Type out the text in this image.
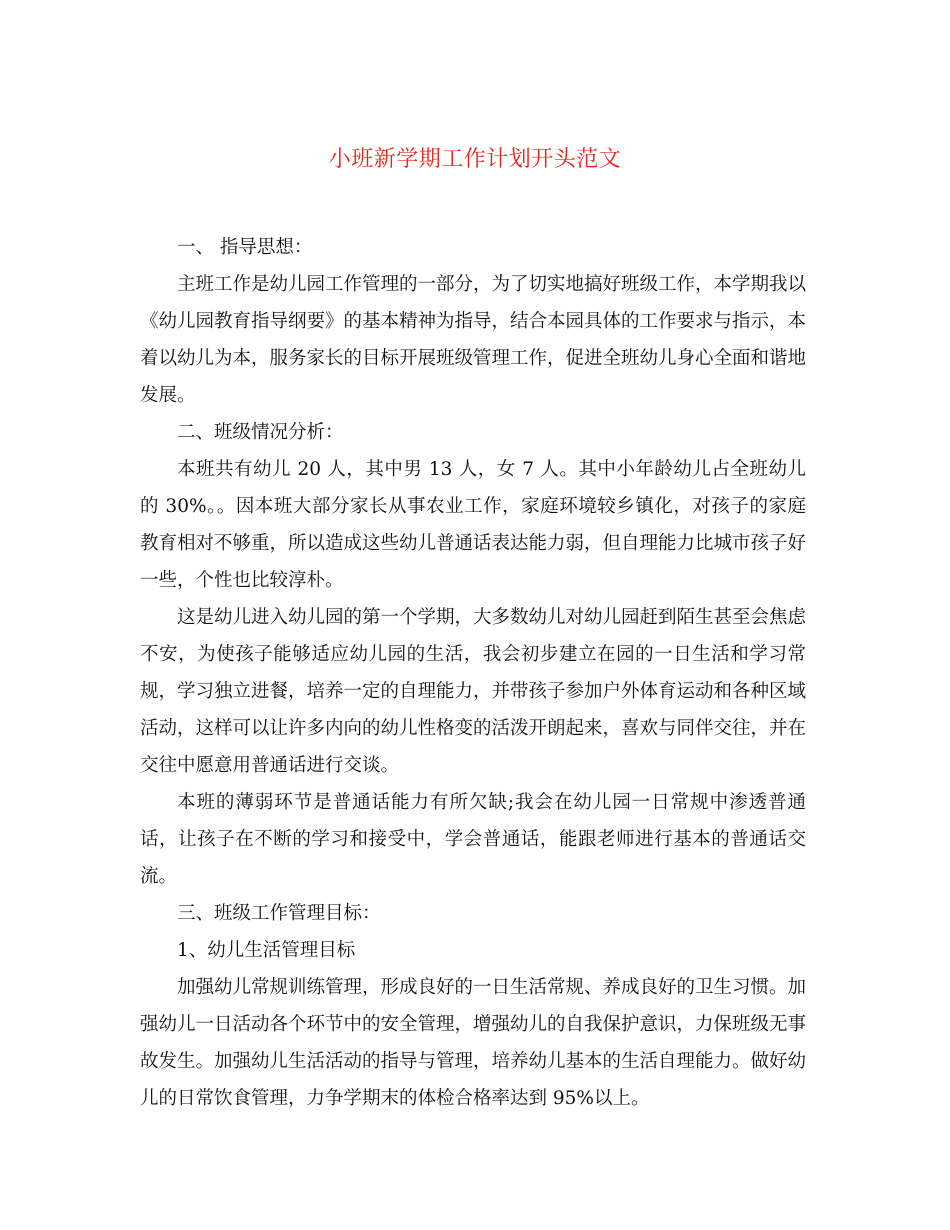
小班新学期工作计划开头范文

一、 指导思想：

主班工作是幼儿园工作管理的一部分，为了切实地搞好班级工作，本学期我以《幼儿园教育指导纲要》的基本精神为指导，结合本园具体的工作要求与指示，本着以幼儿为本，服务家长的目标开展班级管理工作，促进全班幼儿身心全面和谐地发展。

二、班级情况分析：

本班共有幼儿 20 人，其中男 13 人，女 7 人。其中小年龄幼儿占全班幼儿的 30%。。因本班大部分家长从事农业工作，家庭环境较乡镇化，对孩子的家庭教育相对不够重，所以造成这些幼儿普通话表达能力弱，但自理能力比城市孩子好一些，个性也比较淳朴。

这是幼儿进入幼儿园的第一个学期，大多数幼儿对幼儿园赶到陌生甚至会焦虑不安，为使孩子能够适应幼儿园的生活，我会初步建立在园的一日生活和学习常规，学习独立进餐，培养一定的自理能力，并带孩子参加户外体育运动和各种区域活动，这样可以让许多内向的幼儿性格变的活泼开朗起来，喜欢与同伴交往，并在交往中愿意用普通话进行交谈。

本班的薄弱环节是普通话能力有所欠缺;我会在幼儿园一日常规中渗透普通话，让孩子在不断的学习和接受中，学会普通话，能跟老师进行基本的普通话交流。

三、班级工作管理目标：

1、幼儿生活管理目标

加强幼儿常规训练管理，形成良好的一日生活常规、养成良好的卫生习惯。加强幼儿一日活动各个环节中的安全管理，增强幼儿的自我保护意识，力保班级无事故发生。加强幼儿生活活动的指导与管理，培养幼儿基本的生活自理能力。做好幼儿的日常饮食管理，力争学期末的体检合格率达到 95%以上。
